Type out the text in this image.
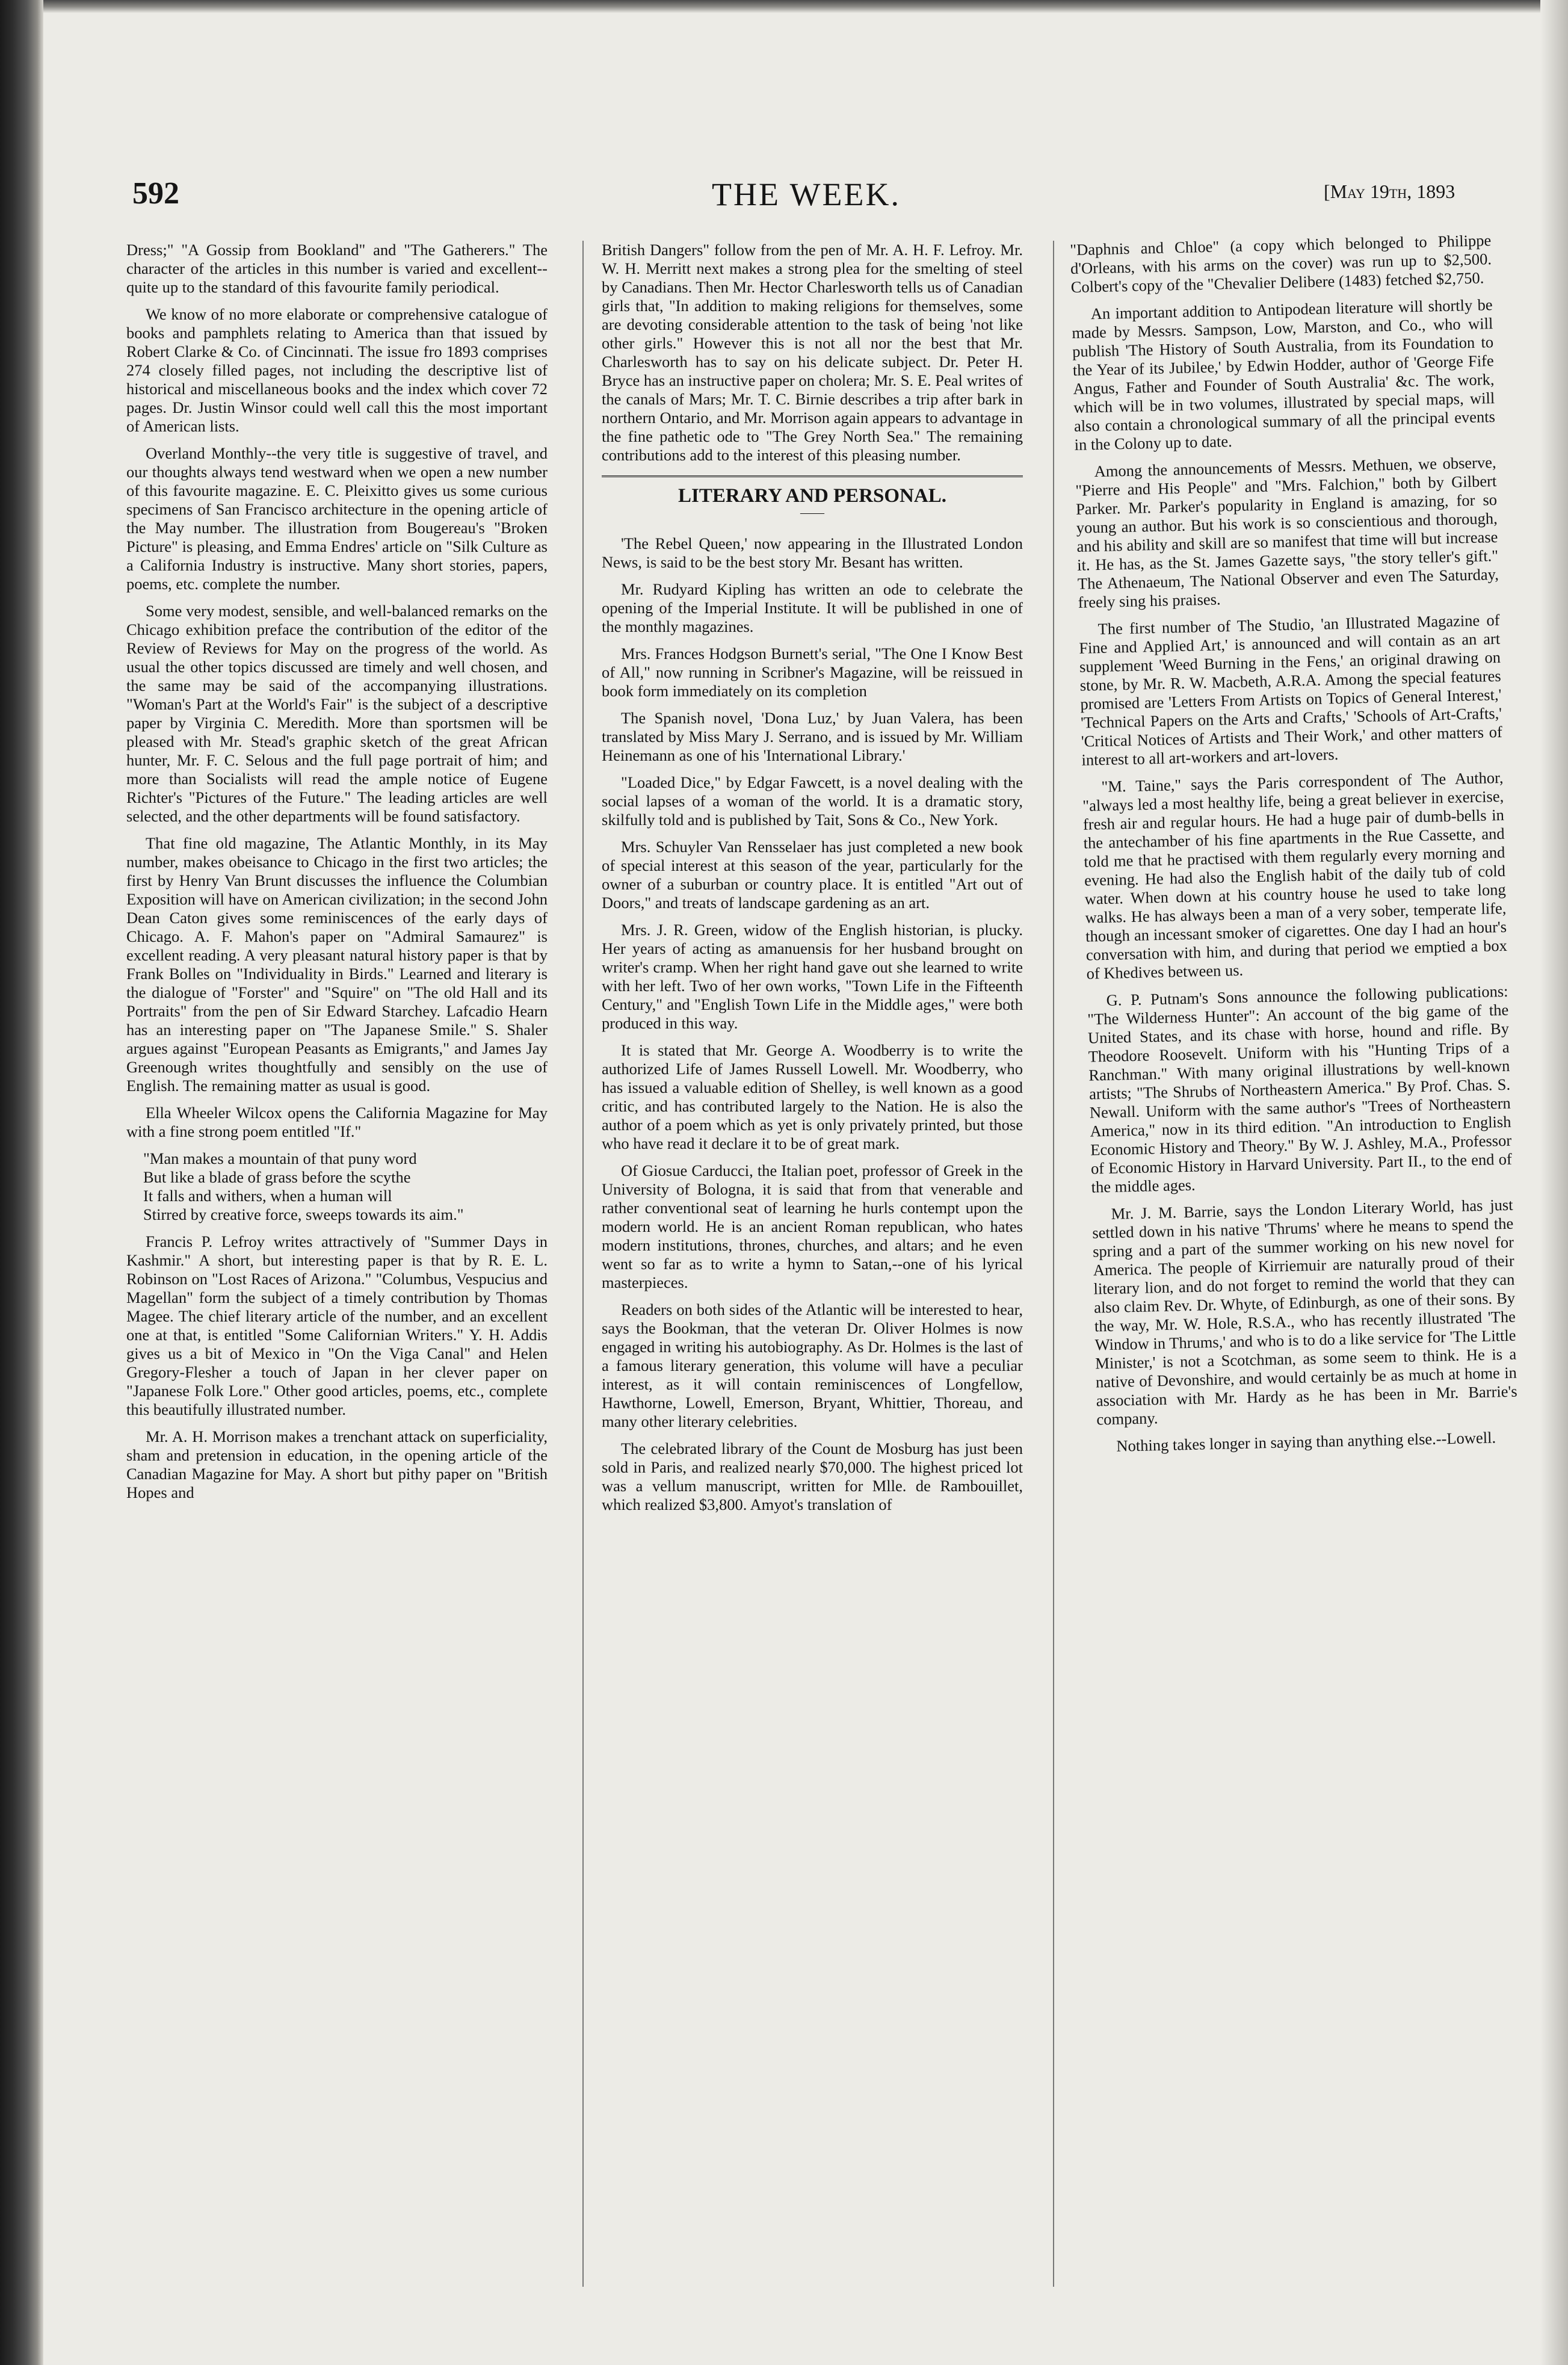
592	THE WEEK.	[May 19th, 1893

Dress;" "A Gossip from Bookland" and "The Gatherers." The character of the articles in this number is varied and excellent--quite up to the standard of this favourite family periodical.

We know of no more elaborate or comprehensive catalogue of books and pamphlets relating to America than that issued by Robert Clarke & Co. of Cincinnati. The issue fro 1893 comprises 274 closely filled pages, not including the descriptive list of historical and miscellaneous books and the index which cover 72 pages. Dr. Justin Winsor could well call this the most important of American lists.

Overland Monthly--the very title is suggestive of travel, and our thoughts always tend westward when we open a new number of this favourite magazine. E. C. Pleixitto gives us some curious specimens of San Francisco architecture in the opening article of the May number. The illustration from Bougereau's "Broken Picture" is pleasing, and Emma Endres' article on "Silk Culture as a California Industry is instructive. Many short stories, papers, poems, etc. complete the number.

Some very modest, sensible, and well-balanced remarks on the Chicago exhibition preface the contribution of the editor of the Review of Reviews for May on the progress of the world. As usual the other topics discussed are timely and well chosen, and the same may be said of the accompanying illustrations. "Woman's Part at the World's Fair" is the subject of a descriptive paper by Virginia C. Meredith. More than sportsmen will be pleased with Mr. Stead's graphic sketch of the great African hunter, Mr. F. C. Selous and the full page portrait of him; and more than Socialists will read the ample notice of Eugene Richter's "Pictures of the Future." The leading articles are well selected, and the other departments will be found satisfactory.

That fine old magazine, The Atlantic Monthly, in its May number, makes obeisance to Chicago in the first two articles; the first by Henry Van Brunt discusses the influence the Columbian Exposition will have on American civilization; in the second John Dean Caton gives some reminiscences of the early days of Chicago. A. F. Mahon's paper on "Admiral Samaurez" is excellent reading. A very pleasant natural history paper is that by Frank Bolles on "Individuality in Birds." Learned and literary is the dialogue of "Forster" and "Squire" on "The old Hall and its Portraits" from the pen of Sir Edward Starchey. Lafcadio Hearn has an interesting paper on "The Japanese Smile." S. Shaler argues against "European Peasants as Emigrants," and James Jay Greenough writes thoughtfully and sensibly on the use of English. The remaining matter as usual is good.

Ella Wheeler Wilcox opens the California Magazine for May with a fine strong poem entitled "If."

"Man makes a mountain of that puny word
But like a blade of grass before the scythe
It falls and withers, when a human will
Stirred by creative force, sweeps towards its aim."

Francis P. Lefroy writes attractively of "Summer Days in Kashmir." A short, but interesting paper is that by R. E. L. Robinson on "Lost Races of Arizona." "Columbus, Vespucius and Magellan" form the subject of a timely contribution by Thomas Magee. The chief literary article of the number, and an excellent one at that, is entitled "Some Californian Writers." Y. H. Addis gives us a bit of Mexico in "On the Viga Canal" and Helen Gregory-Flesher a touch of Japan in her clever paper on "Japanese Folk Lore." Other good articles, poems, etc., complete this beautifully illustrated number.

Mr. A. H. Morrison makes a trenchant attack on superficiality, sham and pretension in education, in the opening article of the Canadian Magazine for May. A short but pithy paper on "British Hopes and

British Dangers" follow from the pen of Mr. A. H. F. Lefroy. Mr. W. H. Merritt next makes a strong plea for the smelting of steel by Canadians. Then Mr. Hector Charlesworth tells us of Canadian girls that, "In addition to making religions for themselves, some are devoting considerable attention to the task of being 'not like other girls." However this is not all nor the best that Mr. Charlesworth has to say on his delicate subject. Dr. Peter H. Bryce has an instructive paper on cholera; Mr. S. E. Peal writes of the canals of Mars; Mr. T. C. Birnie describes a trip after bark in northern Ontario, and Mr. Morrison again appears to advantage in the fine pathetic ode to "The Grey North Sea." The remaining contributions add to the interest of this pleasing number.

LITERARY AND PERSONAL.
——

'The Rebel Queen,' now appearing in the Illustrated London News, is said to be the best story Mr. Besant has written.

Mr. Rudyard Kipling has written an ode to celebrate the opening of the Imperial Institute. It will be published in one of the monthly magazines.

Mrs. Frances Hodgson Burnett's serial, "The One I Know Best of All," now running in Scribner's Magazine, will be reissued in book form immediately on its completion

The Spanish novel, 'Dona Luz,' by Juan Valera, has been translated by Miss Mary J. Serrano, and is issued by Mr. William Heinemann as one of his 'International Library.'

"Loaded Dice," by Edgar Fawcett, is a novel dealing with the social lapses of a woman of the world. It is a dramatic story, skilfully told and is published by Tait, Sons & Co., New York.

Mrs. Schuyler Van Rensselaer has just completed a new book of special interest at this season of the year, particularly for the owner of a suburban or country place. It is entitled "Art out of Doors," and treats of landscape gardening as an art.

Mrs. J. R. Green, widow of the English historian, is plucky. Her years of acting as amanuensis for her husband brought on writer's cramp. When her right hand gave out she learned to write with her left. Two of her own works, "Town Life in the Fifteenth Century," and "English Town Life in the Middle ages," were both produced in this way.

It is stated that Mr. George A. Woodberry is to write the authorized Life of James Russell Lowell. Mr. Woodberry, who has issued a valuable edition of Shelley, is well known as a good critic, and has contributed largely to the Nation. He is also the author of a poem which as yet is only privately printed, but those who have read it declare it to be of great mark.

Of Giosue Carducci, the Italian poet, professor of Greek in the University of Bologna, it is said that from that venerable and rather conventional seat of learning he hurls contempt upon the modern world. He is an ancient Roman republican, who hates modern institutions, thrones, churches, and altars; and he even went so far as to write a hymn to Satan,--one of his lyrical masterpieces.

Readers on both sides of the Atlantic will be interested to hear, says the Bookman, that the veteran Dr. Oliver Holmes is now engaged in writing his autobiography. As Dr. Holmes is the last of a famous literary generation, this volume will have a peculiar interest, as it will contain reminiscences of Longfellow, Hawthorne, Lowell, Emerson, Bryant, Whittier, Thoreau, and many other literary celebrities.

The celebrated library of the Count de Mosburg has just been sold in Paris, and realized nearly $70,000. The highest priced lot was a vellum manuscript, written for Mlle. de Rambouillet, which realized $3,800. Amyot's translation of

"Daphnis and Chloe" (a copy which belonged to Philippe d'Orleans, with his arms on the cover) was run up to $2,500. Colbert's copy of the "Chevalier Delibere (1483) fetched $2,750.

An important addition to Antipodean literature will shortly be made by Messrs. Sampson, Low, Marston, and Co., who will publish 'The History of South Australia, from its Foundation to the Year of its Jubilee,' by Edwin Hodder, author of 'George Fife Angus, Father and Founder of South Australia' &c. The work, which will be in two volumes, illustrated by special maps, will also contain a chronological summary of all the principal events in the Colony up to date.

Among the announcements of Messrs. Methuen, we observe, "Pierre and His People" and "Mrs. Falchion," both by Gilbert Parker. Mr. Parker's popularity in England is amazing, for so young an author. But his work is so conscientious and thorough, and his ability and skill are so manifest that time will but increase it. He has, as the St. James Gazette says, "the story teller's gift." The Athenaeum, The National Observer and even The Saturday, freely sing his praises.

The first number of The Studio, 'an Illustrated Magazine of Fine and Applied Art,' is announced and will contain as an art supplement 'Weed Burning in the Fens,' an original drawing on stone, by Mr. R. W. Macbeth, A.R.A. Among the special features promised are 'Letters From Artists on Topics of General Interest,' 'Technical Papers on the Arts and Crafts,' 'Schools of Art-Crafts,' 'Critical Notices of Artists and Their Work,' and other matters of interest to all art-workers and art-lovers.

"M. Taine," says the Paris correspondent of The Author, "always led a most healthy life, being a great believer in exercise, fresh air and regular hours. He had a huge pair of dumb-bells in the antechamber of his fine apartments in the Rue Cassette, and told me that he practised with them regularly every morning and evening. He had also the English habit of the daily tub of cold water. When down at his country house he used to take long walks. He has always been a man of a very sober, temperate life, though an incessant smoker of cigarettes. One day I had an hour's conversation with him, and during that period we emptied a box of Khedives between us.

G. P. Putnam's Sons announce the following publications: "The Wilderness Hunter": An account of the big game of the United States, and its chase with horse, hound and rifle. By Theodore Roosevelt. Uniform with his "Hunting Trips of a Ranchman." With many original illustrations by well-known artists; "The Shrubs of Northeastern America." By Prof. Chas. S. Newall. Uniform with the same author's "Trees of Northeastern America," now in its third edition. "An introduction to English Economic History and Theory." By W. J. Ashley, M.A., Professor of Economic History in Harvard University. Part II., to the end of the middle ages.

Mr. J. M. Barrie, says the London Literary World, has just settled down in his native 'Thrums' where he means to spend the spring and a part of the summer working on his new novel for America. The people of Kirriemuir are naturally proud of their literary lion, and do not forget to remind the world that they can also claim Rev. Dr. Whyte, of Edinburgh, as one of their sons. By the way, Mr. W. Hole, R.S.A., who has recently illustrated 'The Window in Thrums,' and who is to do a like service for 'The Little Minister,' is not a Scotchman, as some seem to think. He is a native of Devonshire, and would certainly be as much at home in association with Mr. Hardy as he has been in Mr. Barrie's company.

Nothing takes longer in saying than anything else.--Lowell.
